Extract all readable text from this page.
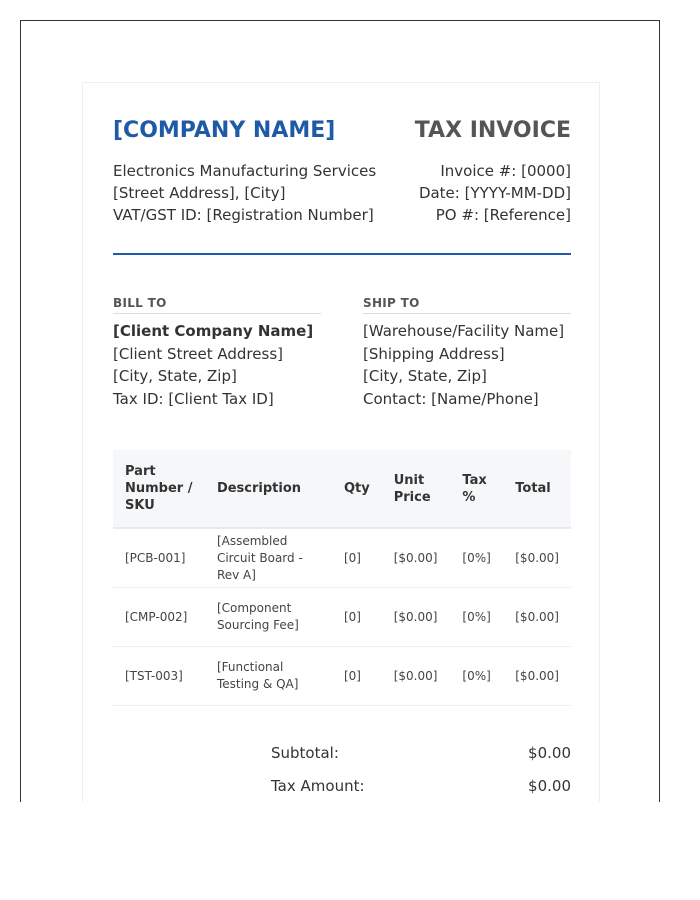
[COMPANY NAME]	TAX INVOICE
Electronics Manufacturing Services
[Street Address], [City]
VAT/GST ID: [Registration Number]
Invoice #: [0000]
Date: [YYYY-MM-DD]
PO #: [Reference]
BILL TO
[Client Company Name]
[Client Street Address]
[City, State, Zip]
Tax ID: [Client Tax ID]
SHIP TO
[Warehouse/Facility Name]
[Shipping Address]
[City, State, Zip]
Contact: [Name/Phone]
Part Number / SKU	Description	Qty	Unit Price	Tax %	Total
[PCB-001]	[Assembled Circuit Board - Rev A]	[0]	[$0.00]	[0%]	[$0.00]
[CMP-002]	[Component Sourcing Fee]	[0]	[$0.00]	[0%]	[$0.00]
[TST-003]	[Functional Testing & QA]	[0]	[$0.00]	[0%]	[$0.00]
Subtotal:	$0.00
Tax Amount:	$0.00
